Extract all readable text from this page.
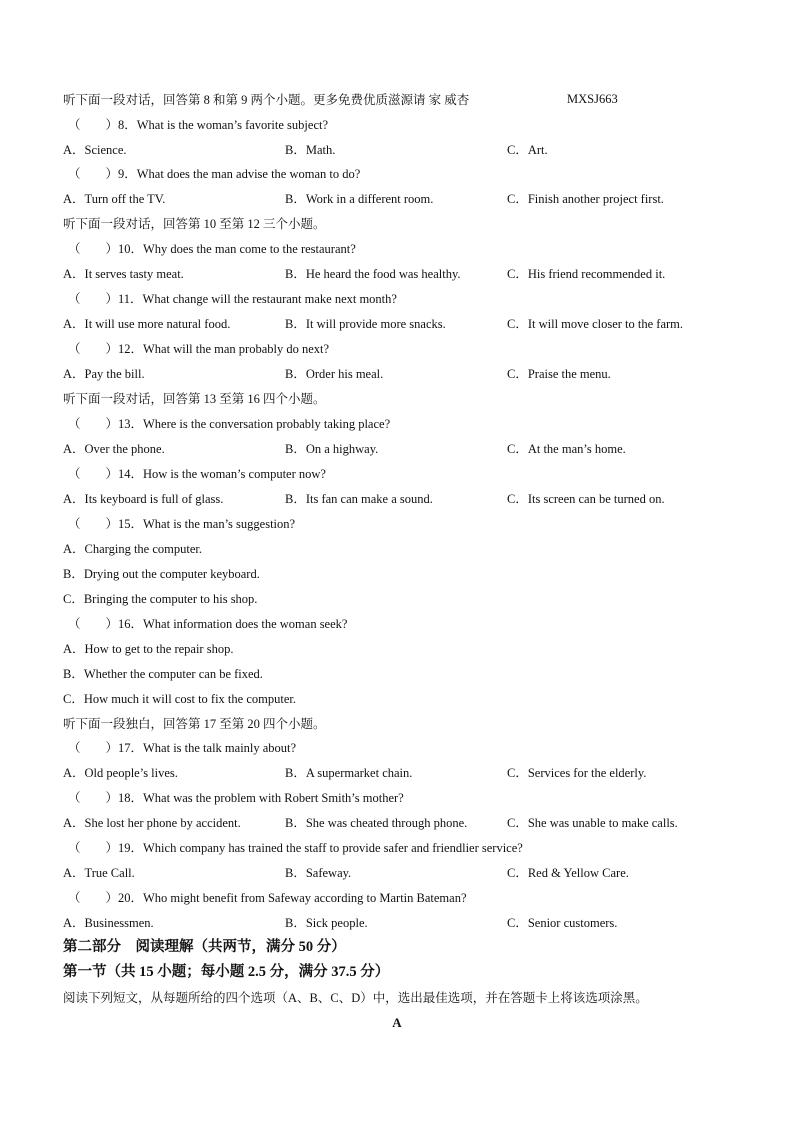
听下面一段对话，回答第 8 和第 9 两个小题。更多免费优质滋源请 家 威杏	MXSJ663
（　　）8．What is the woman’s favorite subject?
A．Science.	B．Math.	C．Art.
（　　）9．What does the man advise the woman to do?
A．Turn off the TV.	B．Work in a different room.	C．Finish another project first.
听下面一段对话，回答第 10 至第 12 三个小题。
（　　）10．Why does the man come to the restaurant?
A．It serves tasty meat.	B．He heard the food was healthy.	C．His friend recommended it.
（　　）11．What change will the restaurant make next month?
A．It will use more natural food.	B．It will provide more snacks.	C．It will move closer to the farm.
（　　）12．What will the man probably do next?
A．Pay the bill.	B．Order his meal.	C．Praise the menu.
听下面一段对话，回答第 13 至第 16 四个小题。
（　　）13．Where is the conversation probably taking place?
A．Over the phone.	B．On a highway.	C．At the man’s home.
（　　）14．How is the woman’s computer now?
A．Its keyboard is full of glass.	B．Its fan can make a sound.	C．Its screen can be turned on.
（　　）15．What is the man’s suggestion?
A．Charging the computer.
B．Drying out the computer keyboard.
C．Bringing the computer to his shop.
（　　）16．What information does the woman seek?
A．How to get to the repair shop.
B．Whether the computer can be fixed.
C．How much it will cost to fix the computer.
听下面一段独白，回答第 17 至第 20 四个小题。
（　　）17．What is the talk mainly about?
A．Old people’s lives.	B．A supermarket chain.	C．Services for the elderly.
（　　）18．What was the problem with Robert Smith’s mother?
A．She lost her phone by accident.	B．She was cheated through phone.	C．She was unable to make calls.
（　　）19．Which company has trained the staff to provide safer and friendlier service?
A．True Call.	B．Safeway.	C．Red & Yellow Care.
（　　）20．Who might benefit from Safeway according to Martin Bateman?
A．Businessmen.	B．Sick people.	C．Senior customers.
第二部分　阅读理解（共两节，满分 50 分）
第一节（共 15 小题；每小题 2.5 分，满分 37.5 分）
阅读下列短文，从每题所给的四个选项（A、B、C、D）中，选出最佳选项，并在答题卡上将该选项涂黑。
A
